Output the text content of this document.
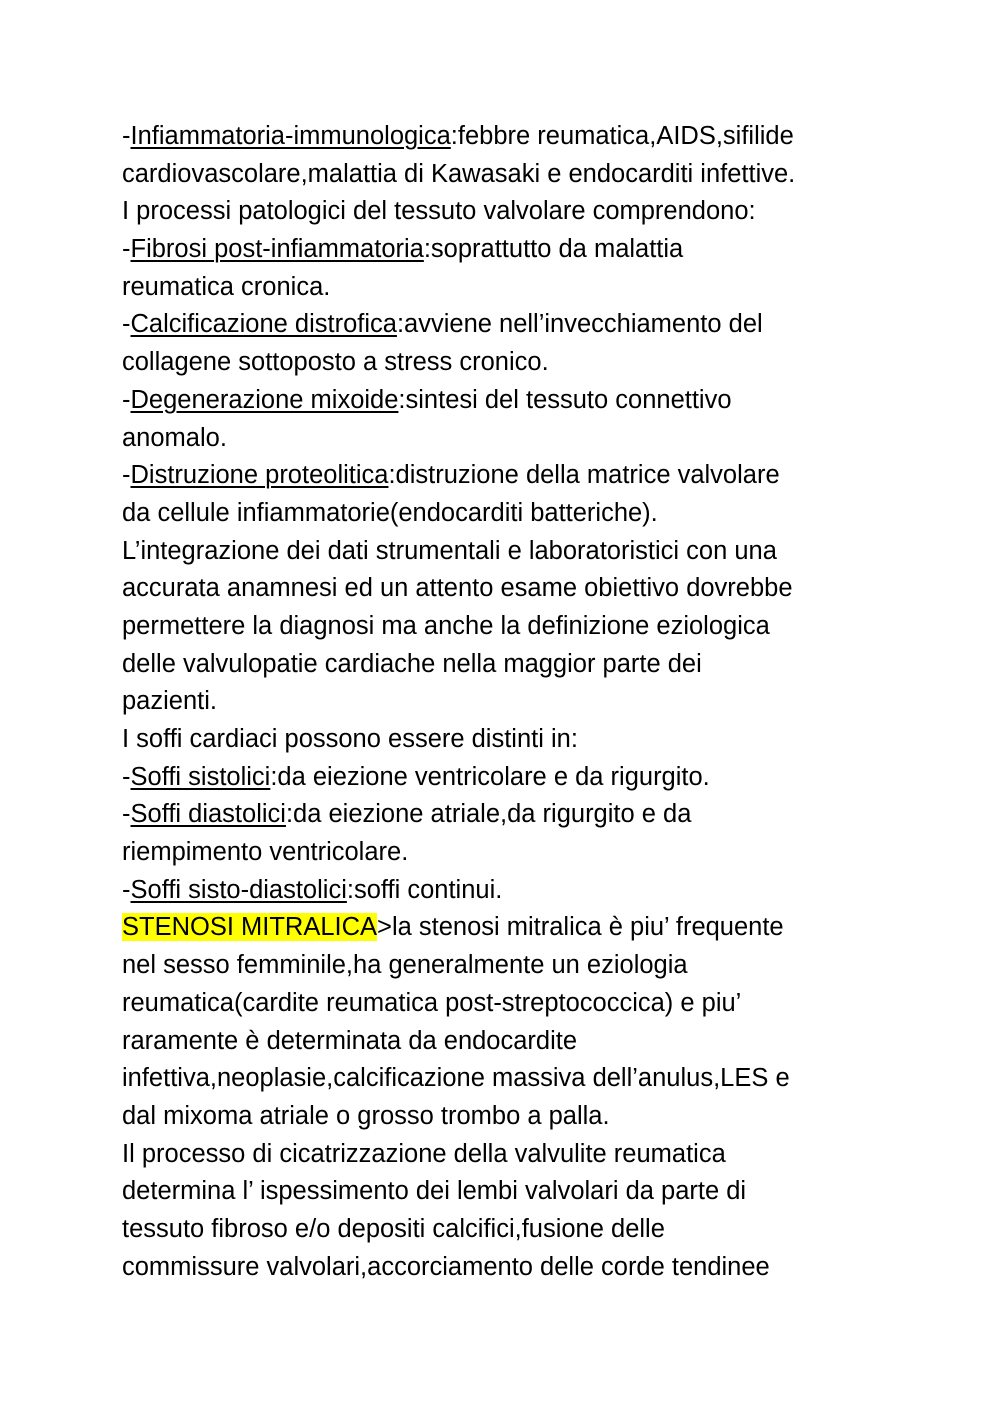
-Infiammatoria-immunologica:febbre reumatica,AIDS,sifilide
cardiovascolare,malattia di Kawasaki e endocarditi infettive.
I processi patologici del tessuto valvolare comprendono:
-Fibrosi post-infiammatoria:soprattutto da malattia
reumatica cronica.
-Calcificazione distrofica:avviene nell’invecchiamento del
collagene sottoposto a stress cronico.
-Degenerazione mixoide:sintesi del tessuto connettivo
anomalo.
-Distruzione proteolitica:distruzione della matrice valvolare
da cellule infiammatorie(endocarditi batteriche).
L’integrazione dei dati strumentali e laboratoristici con una
accurata anamnesi ed un attento esame obiettivo dovrebbe
permettere la diagnosi ma anche la definizione eziologica
delle valvulopatie cardiache nella maggior parte dei
pazienti.
I soffi cardiaci possono essere distinti in:
-Soffi sistolici:da eiezione ventricolare e da rigurgito.
-Soffi diastolici:da eiezione atriale,da rigurgito e da
riempimento ventricolare.
-Soffi sisto-diastolici:soffi continui.
STENOSI MITRALICA>la stenosi mitralica è piu’ frequente
nel sesso femminile,ha generalmente un eziologia
reumatica(cardite reumatica post-streptococcica) e piu’
raramente è determinata da endocardite
infettiva,neoplasie,calcificazione massiva dell’anulus,LES e
dal mixoma atriale o grosso trombo a palla.
Il processo di cicatrizzazione della valvulite reumatica
determina l’ ispessimento dei lembi valvolari da parte di
tessuto fibroso e/o depositi calcifici,fusione delle
commissure valvolari,accorciamento delle corde tendinee
